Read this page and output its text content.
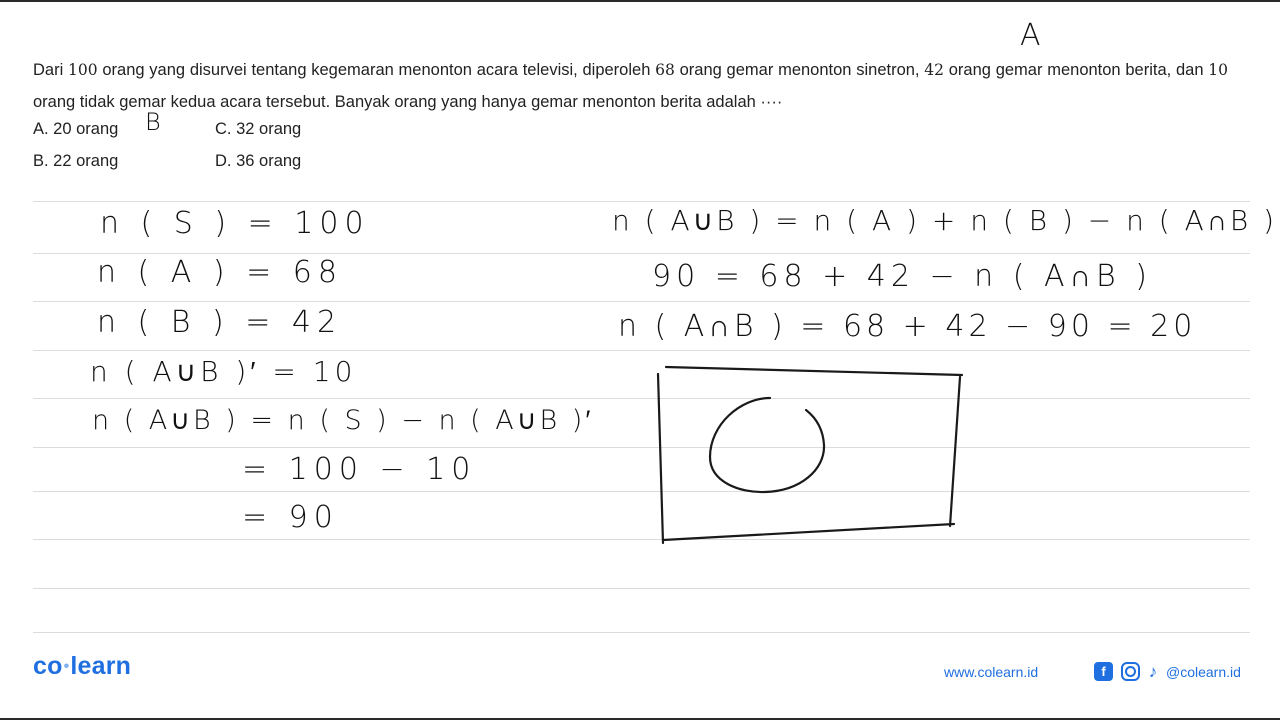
Dari 100 orang yang disurvei tentang kegemaran menonton acara televisi, diperoleh 68 orang gemar menonton sinetron, 42 orang gemar menonton berita, dan 10 orang tidak gemar kedua acara tersebut. Banyak orang yang hanya gemar menonton berita adalah ····
A. 20 orang	C. 32 orang
B. 22 orang	D. 36 orang
A
B
n ( S ) = 100
n ( A ) = 68
n ( B ) = 42
n ( A∪B )′ = 10
n ( A∪B ) = n ( S ) − n ( A∪B )′
= 100 − 10
= 90
n ( A∪B ) = n ( A ) + n ( B ) − n ( A∩B )
90 = 68 + 42 − n ( A∩B )
n ( A∩B ) = 68 + 42 − 90 = 20
co•learn	www.colearn.id	f	♪ @colearn.id
